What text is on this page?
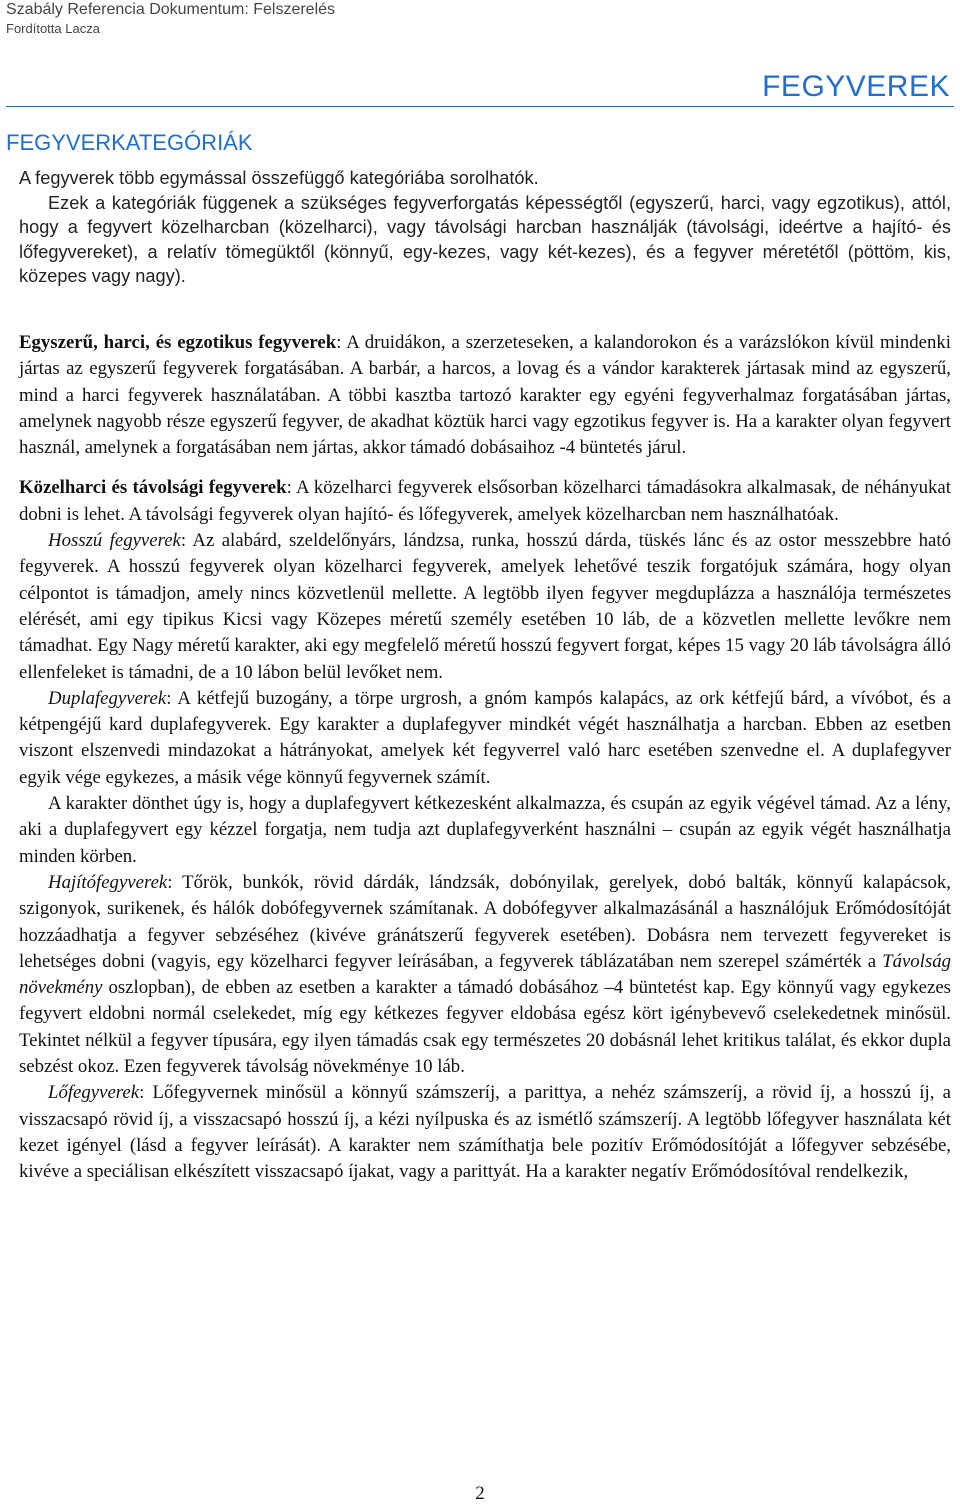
Szabály Referencia Dokumentum: Felszerelés
Fordította Lacza
FEGYVEREK
FEGYVERKATEGÓRIÁK

A fegyverek több egymással összefüggő kategóriába sorolhatók.

Ezek a kategóriák függenek a szükséges fegyverforgatás képességtől (egyszerű, harci, vagy egzotikus), attól, hogy a fegyvert közelharcban (közelharci), vagy távolsági harcban használják (távolsági, ideértve a hajító- és lőfegyvereket), a relatív tömegüktől (könnyű, egy-kezes, vagy két-kezes), és a fegyver méretétől (pöttöm, kis, közepes vagy nagy).

Egyszerű, harci, és egzotikus fegyverek: A druidákon, a szerzeteseken, a kalandorokon és a varázslókon kívül mindenki jártas az egyszerű fegyverek forgatásában. A barbár, a harcos, a lovag és a vándor karakterek jártasak mind az egyszerű, mind a harci fegyverek használatában. A többi kasztba tartozó karakter egy egyéni fegyverhalmaz forgatásában jártas, amelynek nagyobb része egyszerű fegyver, de akadhat köztük harci vagy egzotikus fegyver is. Ha a karakter olyan fegyvert használ, amelynek a forgatásában nem jártas, akkor támadó dobásaihoz -4 büntetés járul.

Közelharci és távolsági fegyverek: A közelharci fegyverek elsősorban közelharci támadásokra alkalmasak, de néhányukat dobni is lehet. A távolsági fegyverek olyan hajító- és lőfegyverek, amelyek közelharcban nem használhatóak.

Hosszú fegyverek: Az alabárd, szeldelőnyárs, lándzsa, runka, hosszú dárda, tüskés lánc és az ostor messzebbre ható fegyverek. A hosszú fegyverek olyan közelharci fegyverek, amelyek lehetővé teszik forgatójuk számára, hogy olyan célpontot is támadjon, amely nincs közvetlenül mellette. A legtöbb ilyen fegyver megduplázza a használója természetes elérését, ami egy tipikus Kicsi vagy Közepes méretű személy esetében 10 láb, de a közvetlen mellette levőkre nem támadhat. Egy Nagy méretű karakter, aki egy megfelelő méretű hosszú fegyvert forgat, képes 15 vagy 20 láb távolságra álló ellenfeleket is támadni, de a 10 lábon belül levőket nem.

Duplafegyverek: A kétfejű buzogány, a törpe urgrosh, a gnóm kampós kalapács, az ork kétfejű bárd, a vívóbot, és a kétpengéjű kard duplafegyverek. Egy karakter a duplafegyver mindkét végét használhatja a harcban. Ebben az esetben viszont elszenvedi mindazokat a hátrányokat, amelyek két fegyverrel való harc esetében szenvedne el. A duplafegyver egyik vége egykezes, a másik vége könnyű fegyvernek számít.

A karakter dönthet úgy is, hogy a duplafegyvert kétkezesként alkalmazza, és csupán az egyik végével támad. Az a lény, aki a duplafegyvert egy kézzel forgatja, nem tudja azt duplafegyverként használni – csupán az egyik végét használhatja minden körben.

Hajítófegyverek: Tőrök, bunkók, rövid dárdák, lándzsák, dobónyilak, gerelyek, dobó balták, könnyű kalapácsok, szigonyok, surikenek, és hálók dobófegyvernek számítanak. A dobófegyver alkalmazásánál a használójuk Erőmódosítóját hozzáadhatja a fegyver sebzéséhez (kivéve gránátszerű fegyverek esetében). Dobásra nem tervezett fegyvereket is lehetséges dobni (vagyis, egy közelharci fegyver leírásában, a fegyverek táblázatában nem szerepel számérték a Távolság növekmény oszlopban), de ebben az esetben a karakter a támadó dobásához –4 büntetést kap. Egy könnyű vagy egykezes fegyvert eldobni normál cselekedet, míg egy kétkezes fegyver eldobása egész kört igénybevevő cselekedetnek minősül. Tekintet nélkül a fegyver típusára, egy ilyen támadás csak egy természetes 20 dobásnál lehet kritikus találat, és ekkor dupla sebzést okoz. Ezen fegyverek távolság növekménye 10 láb.

Lőfegyverek: Lőfegyvernek minősül a könnyű számszeríj, a parittya, a nehéz számszeríj, a rövid íj, a hosszú íj, a visszacsapó rövid íj, a visszacsapó hosszú íj, a kézi nyílpuska és az ismétlő számszeríj. A legtöbb lőfegyver használata két kezet igényel (lásd a fegyver leírását). A karakter nem számíthatja bele pozitív Erőmódosítóját a lőfegyver sebzésébe, kivéve a speciálisan elkészített visszacsapó íjakat, vagy a parittyát. Ha a karakter negatív Erőmódosítóval rendelkezik,

2
